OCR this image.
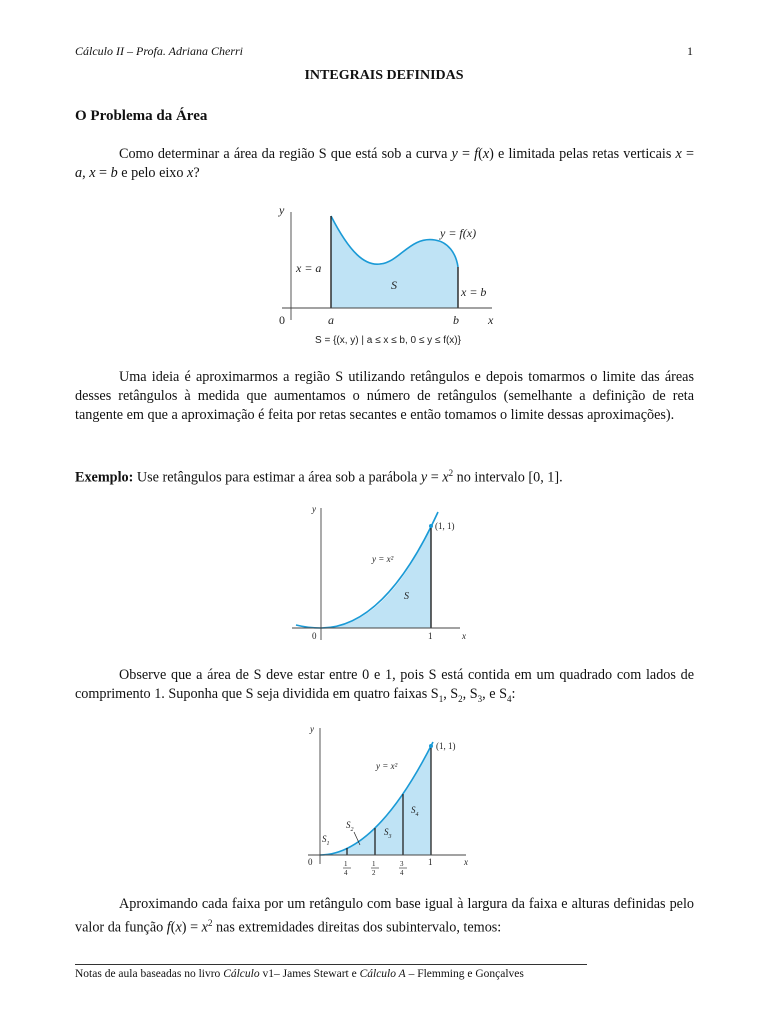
Cálculo II – Profa. Adriana Cherri	1
INTEGRAIS DEFINIDAS
O Problema da Área

Como determinar a área da região S que está sob a curva y = f(x) e limitada pelas retas verticais x = a, x = b e pelo eixo x?

y
x
0	a	b
y = f(x)
x = a
x = b
S
S = {(x, y) | a ≤ x ≤ b, 0 ≤ y ≤ f(x)}

Uma ideia é aproximarmos a região S utilizando retângulos e depois tomarmos o limite das áreas desses retângulos à medida que aumentamos o número de retângulos (semelhante a definição de reta tangente em que a aproximação é feita por retas secantes e então tomamos o limite dessas aproximações).

Exemplo: Use retângulos para estimar a área sob a parábola $y = x^2$ no intervalo [0, 1].

y
x
0	1
(1, 1)
y = x²
S

Observe que a área de S deve estar entre 0 e 1, pois S está contida em um quadrado com lados de comprimento 1. Suponha que S seja dividida em quatro faixas $S_1$, $S_2$, $S_3$, e $S_4$:

y
x
0	1
(1, 1)
y = x²
1
4
1
2
3
4
$S_1$
$S_2$	$S_3$
$S_4$

Aproximando cada faixa por um retângulo com base igual à largura da faixa e alturas definidas pelo valor da função $f(x) = x^2$ nas extremidades direitas dos subintervalo, temos:

Notas de aula baseadas no livro Cálculo v1– James Stewart e Cálculo A – Flemming e Gonçalves
